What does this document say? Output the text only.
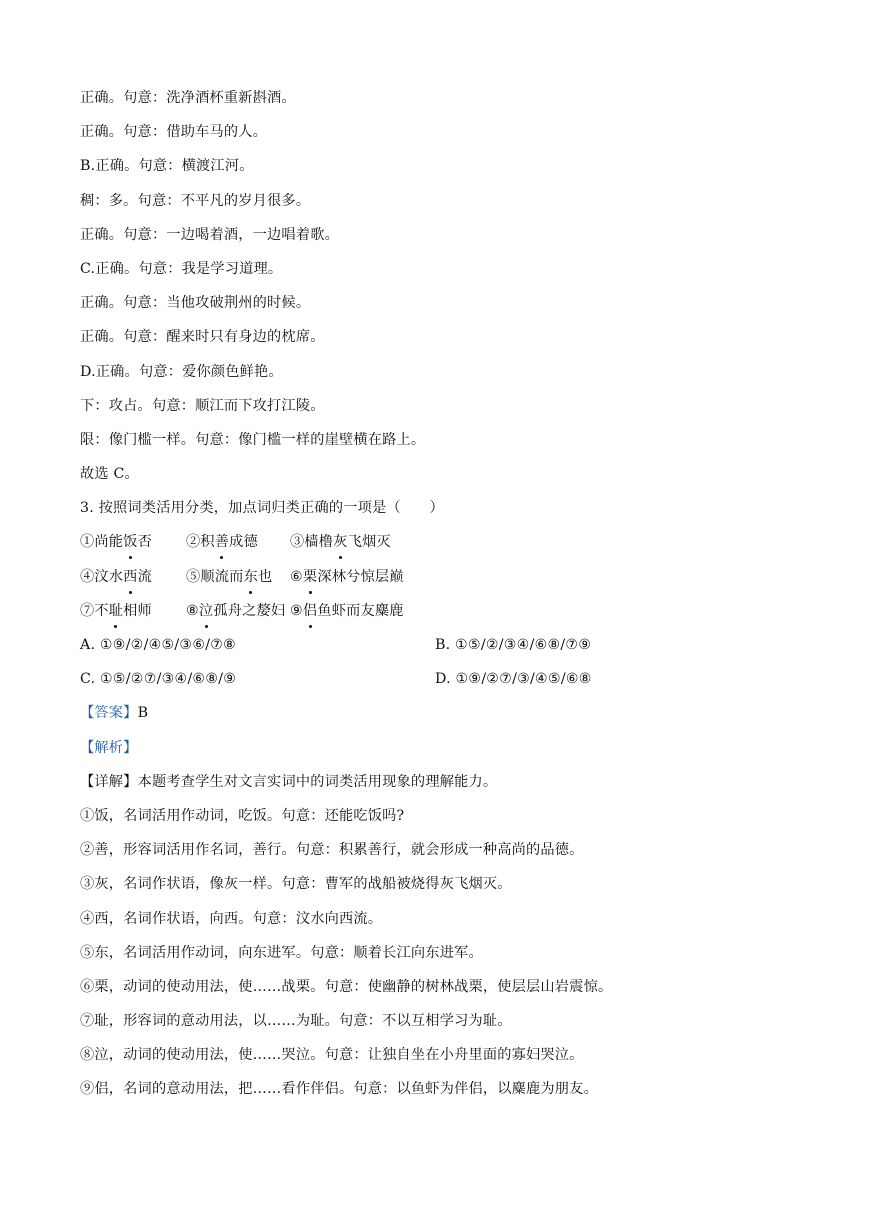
正确。句意：洗净酒杯重新斟酒。
正确。句意：借助车马的人。
B.正确。句意：横渡江河。
稠：多。句意：不平凡的岁月很多。
正确。句意：一边喝着酒，一边唱着歌。
C.正确。句意：我是学习道理。
正确。句意：当他攻破荆州的时候。
正确。句意：醒来时只有身边的枕席。
D.正确。句意：爱你颜色鲜艳。
下：攻占。句意：顺江而下攻打江陵。
限：像门槛一样。句意：像门槛一样的崖壁横在路上。
故选 C。
3. 按照词类活用分类，加点词归类正确的一项是（　　）
①尚能饭否 ②积善成德 ③樯橹灰飞烟灭
④汶水西流 ⑤顺流而东也 ⑥栗深林兮惊层巅
⑦不耻相师 ⑧泣孤舟之嫠妇 ⑨侣鱼虾而友麋鹿
A. ①⑨/②/④⑤/③⑥/⑦⑧	B. ①⑤/②/③④/⑥⑧/⑦⑨
C. ①⑤/②⑦/③④/⑥⑧/⑨	D. ①⑨/②⑦/③/④⑤/⑥⑧
【答案】B
【解析】
【详解】本题考查学生对文言实词中的词类活用现象的理解能力。
①饭，名词活用作动词，吃饭。句意：还能吃饭吗?
②善，形容词活用作名词，善行。句意：积累善行，就会形成一种高尚的品德。
③灰，名词作状语，像灰一样。句意：曹军的战船被烧得灰飞烟灭。
④西，名词作状语，向西。句意：汶水向西流。
⑤东，名词活用作动词，向东进军。句意：顺着长江向东进军。
⑥栗，动词的使动用法，使……战栗。句意：使幽静的树林战栗，使层层山岩震惊。
⑦耻，形容词的意动用法，以……为耻。句意：不以互相学习为耻。
⑧泣，动词的使动用法，使……哭泣。句意：让独自坐在小舟里面的寡妇哭泣。
⑨侣，名词的意动用法，把……看作伴侣。句意：以鱼虾为伴侣，以麋鹿为朋友。
